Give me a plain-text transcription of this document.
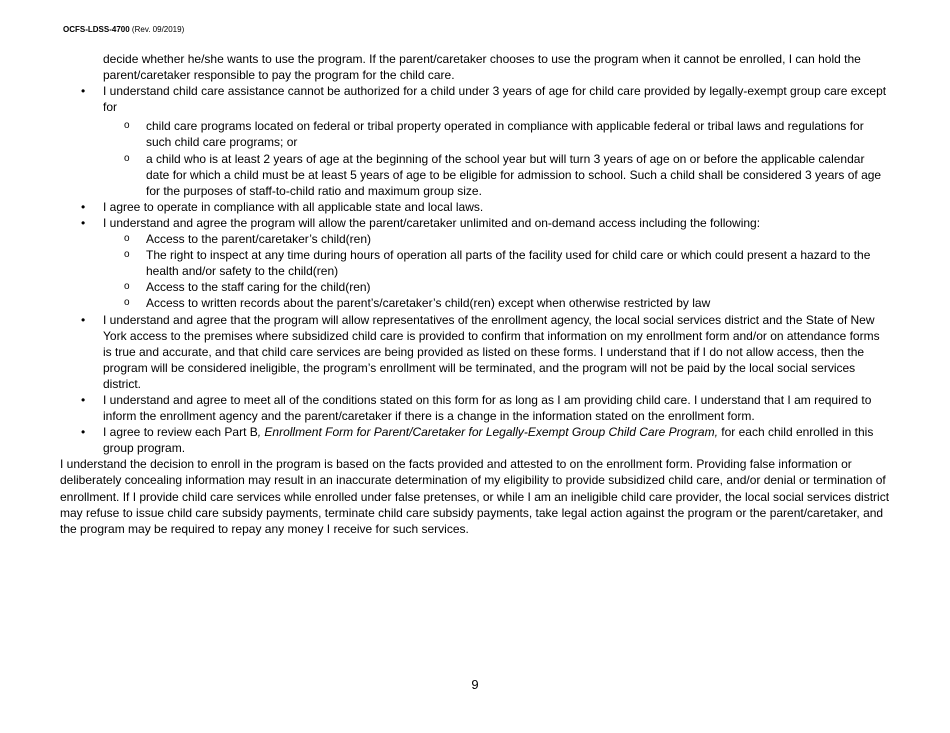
OCFS-LDSS-4700 (Rev. 09/2019)

decide whether he/she wants to use the program. If the parent/caretaker chooses to use the program when it cannot be enrolled, I can hold the parent/caretaker responsible to pay the program for the child care.

• I understand child care assistance cannot be authorized for a child under 3 years of age for child care provided by legally-exempt group care except for
o child care programs located on federal or tribal property operated in compliance with applicable federal or tribal laws and regulations for such child care programs; or
o a child who is at least 2 years of age at the beginning of the school year but will turn 3 years of age on or before the applicable calendar date for which a child must be at least 5 years of age to be eligible for admission to school. Such a child shall be considered 3 years of age for the purposes of staff-to-child ratio and maximum group size.
• I agree to operate in compliance with all applicable state and local laws.
• I understand and agree the program will allow the parent/caretaker unlimited and on-demand access including the following:
o Access to the parent/caretaker’s child(ren)
o The right to inspect at any time during hours of operation all parts of the facility used for child care or which could present a hazard to the health and/or safety to the child(ren)
o Access to the staff caring for the child(ren)
o Access to written records about the parent’s/caretaker’s child(ren) except when otherwise restricted by law
• I understand and agree that the program will allow representatives of the enrollment agency, the local social services district and the State of New York access to the premises where subsidized child care is provided to confirm that information on my enrollment form and/or on attendance forms is true and accurate, and that child care services are being provided as listed on these forms. I understand that if I do not allow access, then the program will be considered ineligible, the program’s enrollment will be terminated, and the program will not be paid by the local social services district.
• I understand and agree to meet all of the conditions stated on this form for as long as I am providing child care. I understand that I am required to inform the enrollment agency and the parent/caretaker if there is a change in the information stated on the enrollment form.
• I agree to review each Part B, Enrollment Form for Parent/Caretaker for Legally-Exempt Group Child Care Program, for each child enrolled in this group program.

I understand the decision to enroll in the program is based on the facts provided and attested to on the enrollment form. Providing false information or deliberately concealing information may result in an inaccurate determination of my eligibility to provide subsidized child care, and/or denial or termination of enrollment. If I provide child care services while enrolled under false pretenses, or while I am an ineligible child care provider, the local social services district may refuse to issue child care subsidy payments, terminate child care subsidy payments, take legal action against the program or the parent/caretaker, and the program may be required to repay any money I receive for such services.

9
